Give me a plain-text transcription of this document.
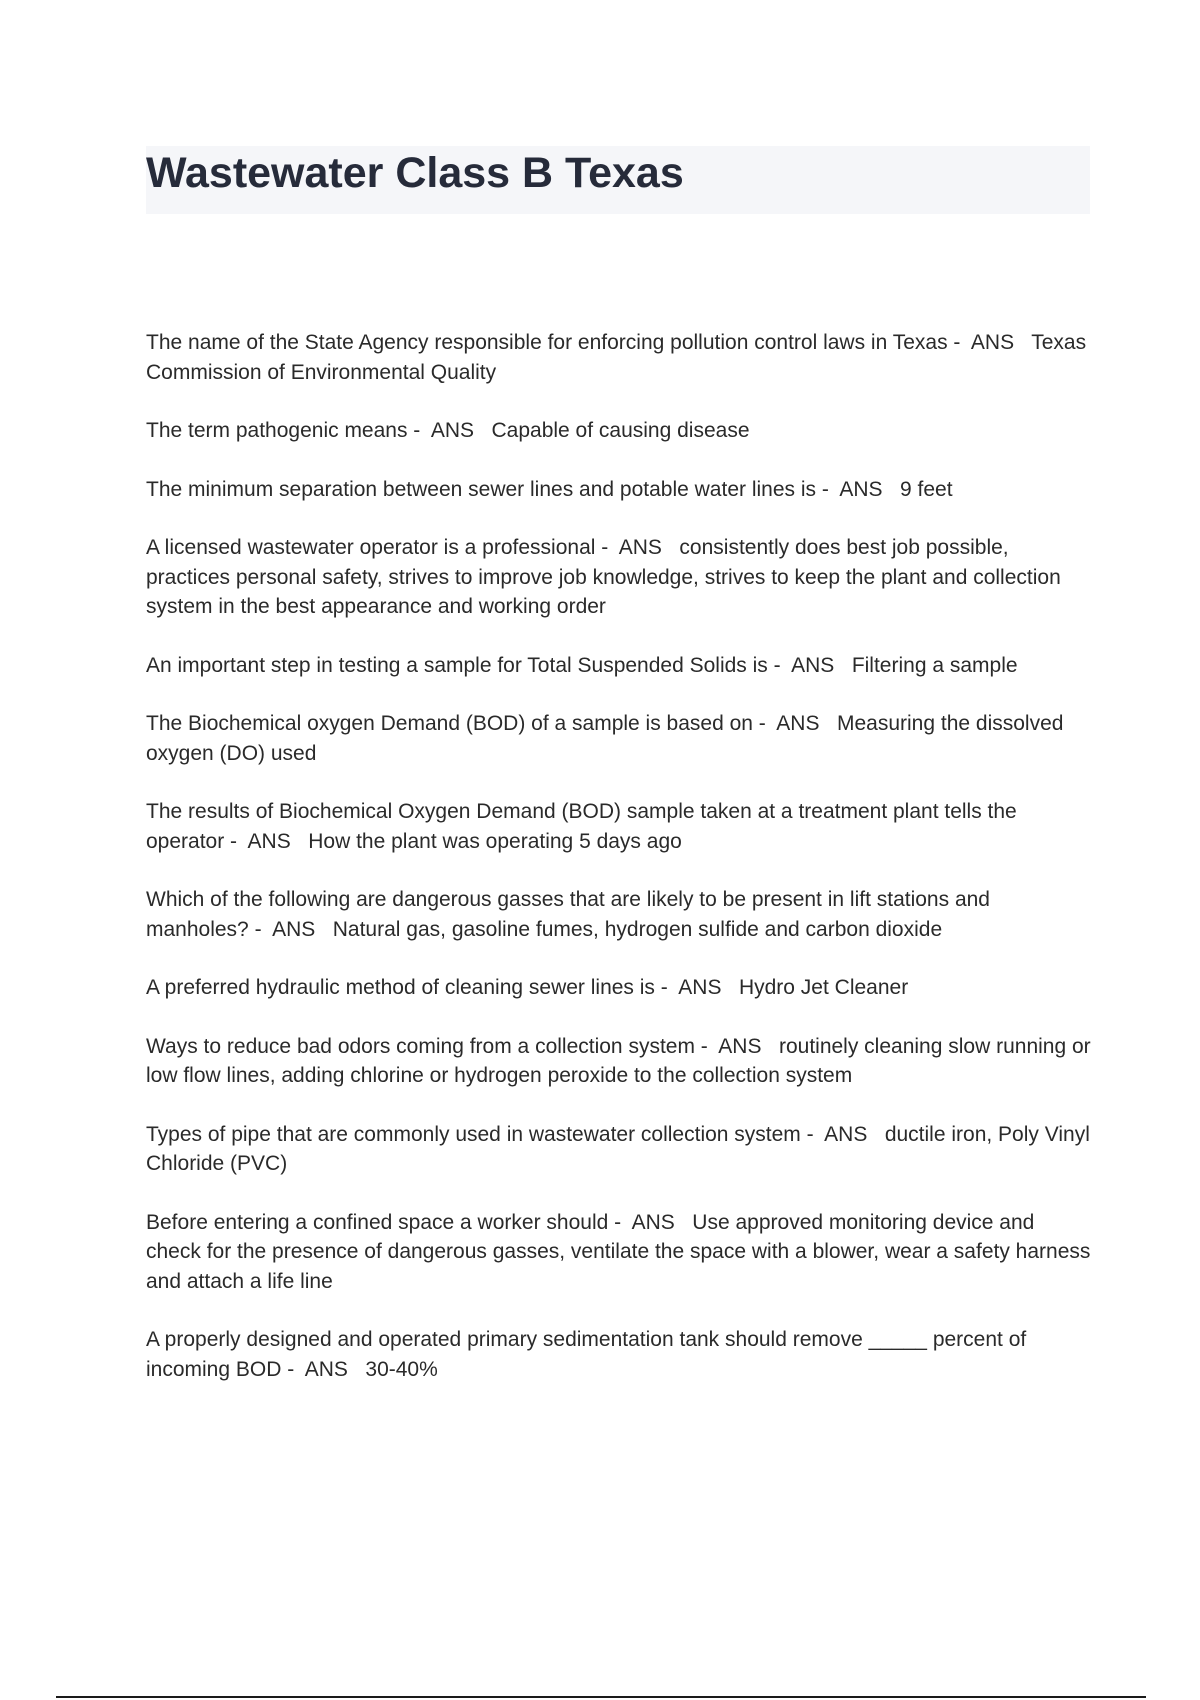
Wastewater Class B Texas
The name of the State Agency responsible for enforcing pollution control laws in Texas -  ANS   Texas Commission of Environmental Quality
The term pathogenic means -  ANS   Capable of causing disease
The minimum separation between sewer lines and potable water lines is -  ANS   9 feet
A licensed wastewater operator is a professional -  ANS   consistently does best job possible, practices personal safety, strives to improve job knowledge, strives to keep the plant and collection system in the best appearance and working order
An important step in testing a sample for Total Suspended Solids is -  ANS   Filtering a sample
The Biochemical oxygen Demand (BOD) of a sample is based on -  ANS   Measuring the dissolved oxygen (DO) used
The results of Biochemical Oxygen Demand (BOD) sample taken at a treatment plant tells the operator -  ANS   How the plant was operating 5 days ago
Which of the following are dangerous gasses that are likely to be present in lift stations and manholes? -  ANS   Natural gas, gasoline fumes, hydrogen sulfide and carbon dioxide
A preferred hydraulic method of cleaning sewer lines is -  ANS   Hydro Jet Cleaner
Ways to reduce bad odors coming from a collection system -  ANS   routinely cleaning slow running or low flow lines, adding chlorine or hydrogen peroxide to the collection system
Types of pipe that are commonly used in wastewater collection system -  ANS   ductile iron, Poly Vinyl Chloride (PVC)
Before entering a confined space a worker should -  ANS   Use approved monitoring device and check for the presence of dangerous gasses, ventilate the space with a blower, wear a safety harness and attach a life line
A properly designed and operated primary sedimentation tank should remove _____ percent of incoming BOD -  ANS   30-40%
